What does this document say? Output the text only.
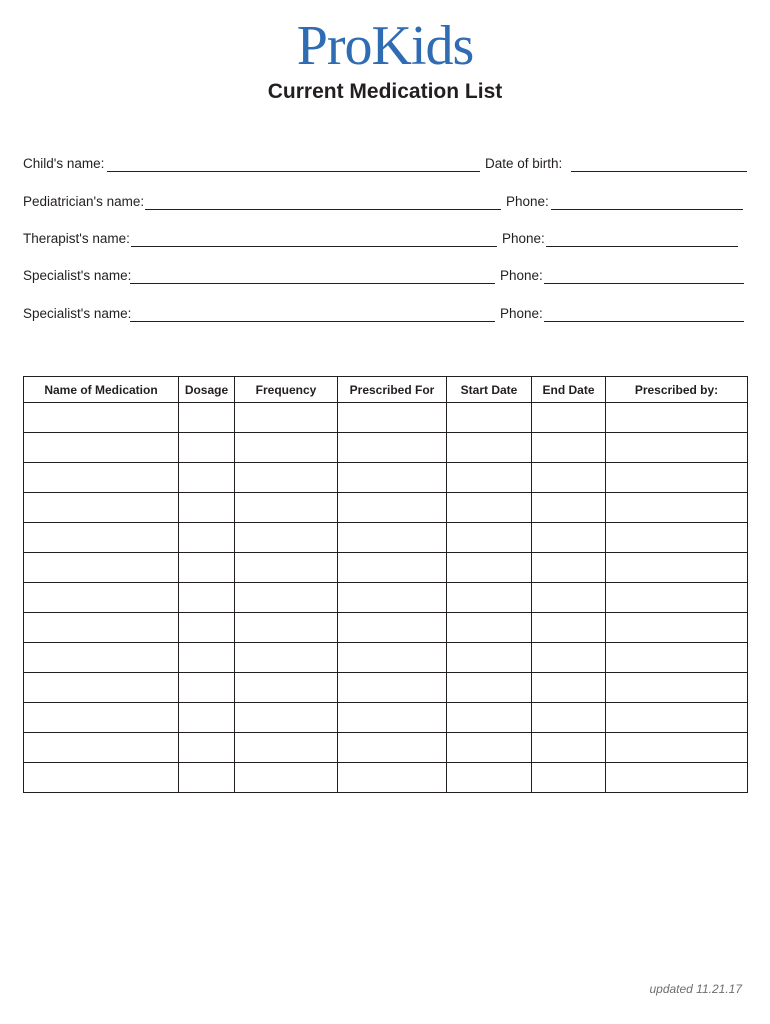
ProKids
Current Medication List
Child's name:	Date of birth:
Pediatrician's name:	Phone:
Therapist's name:	Phone:
Specialist's name:	Phone:
Specialist's name:	Phone:
Name of Medication	Dosage	Frequency	Prescribed For	Start Date	End Date	Prescribed by:

updated 11.21.17
